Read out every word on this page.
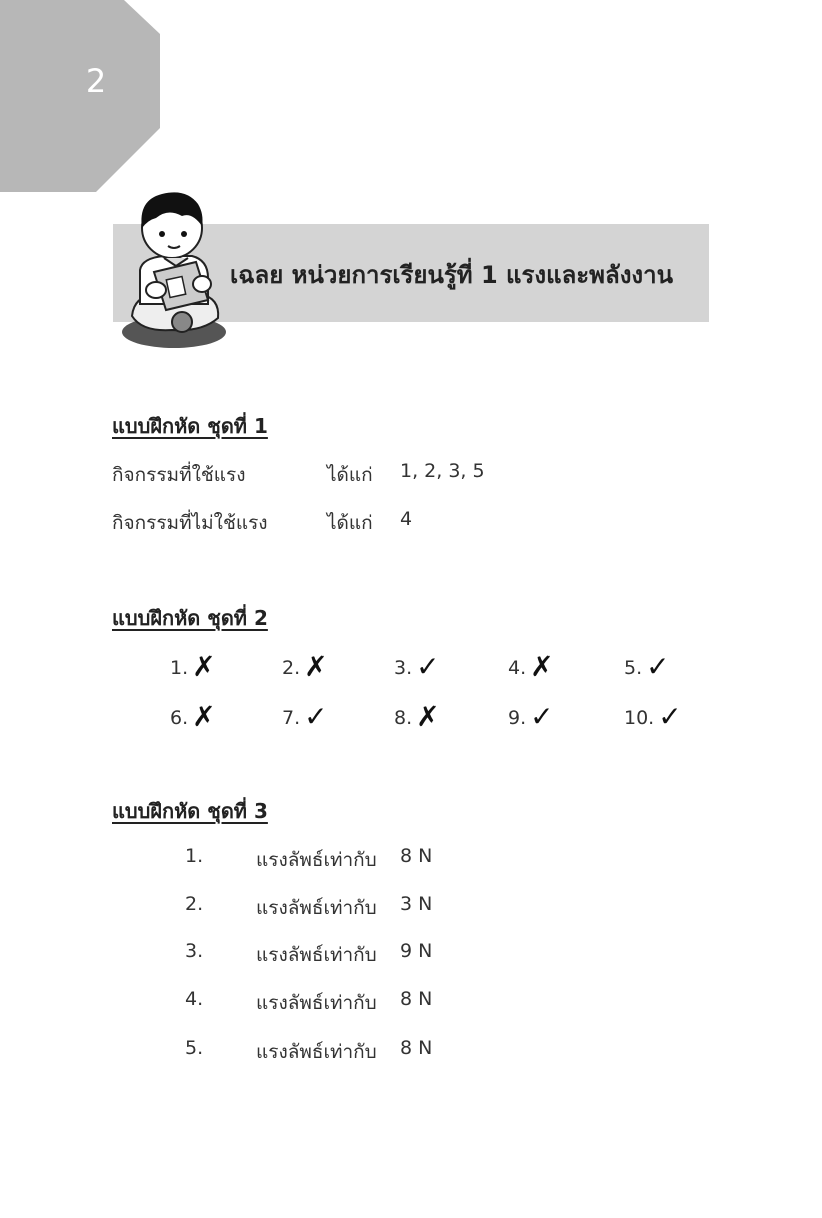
2
เฉลย หน่วยการเรียนรู้ที่ 1 แรงและพลังงาน
แบบฝึกหัด ชุดที่ 1
กิจกรรมที่ใช้แรง	ได้แก่ 1, 2, 3, 5
กิจกรรมที่ไม่ใช้แรง	ได้แก่ 4
แบบฝึกหัด ชุดที่ 2
1. ✗	2. ✗	3. ✓	4. ✗	5. ✓
6. ✗	7. ✓	8. ✗	9. ✓	10. ✓
แบบฝึกหัด ชุดที่ 3
1.	แรงลัพธ์เท่ากับ 8 N
2.	แรงลัพธ์เท่ากับ 3 N
3.	แรงลัพธ์เท่ากับ 9 N
4.	แรงลัพธ์เท่ากับ 8 N
5.	แรงลัพธ์เท่ากับ 8 N
